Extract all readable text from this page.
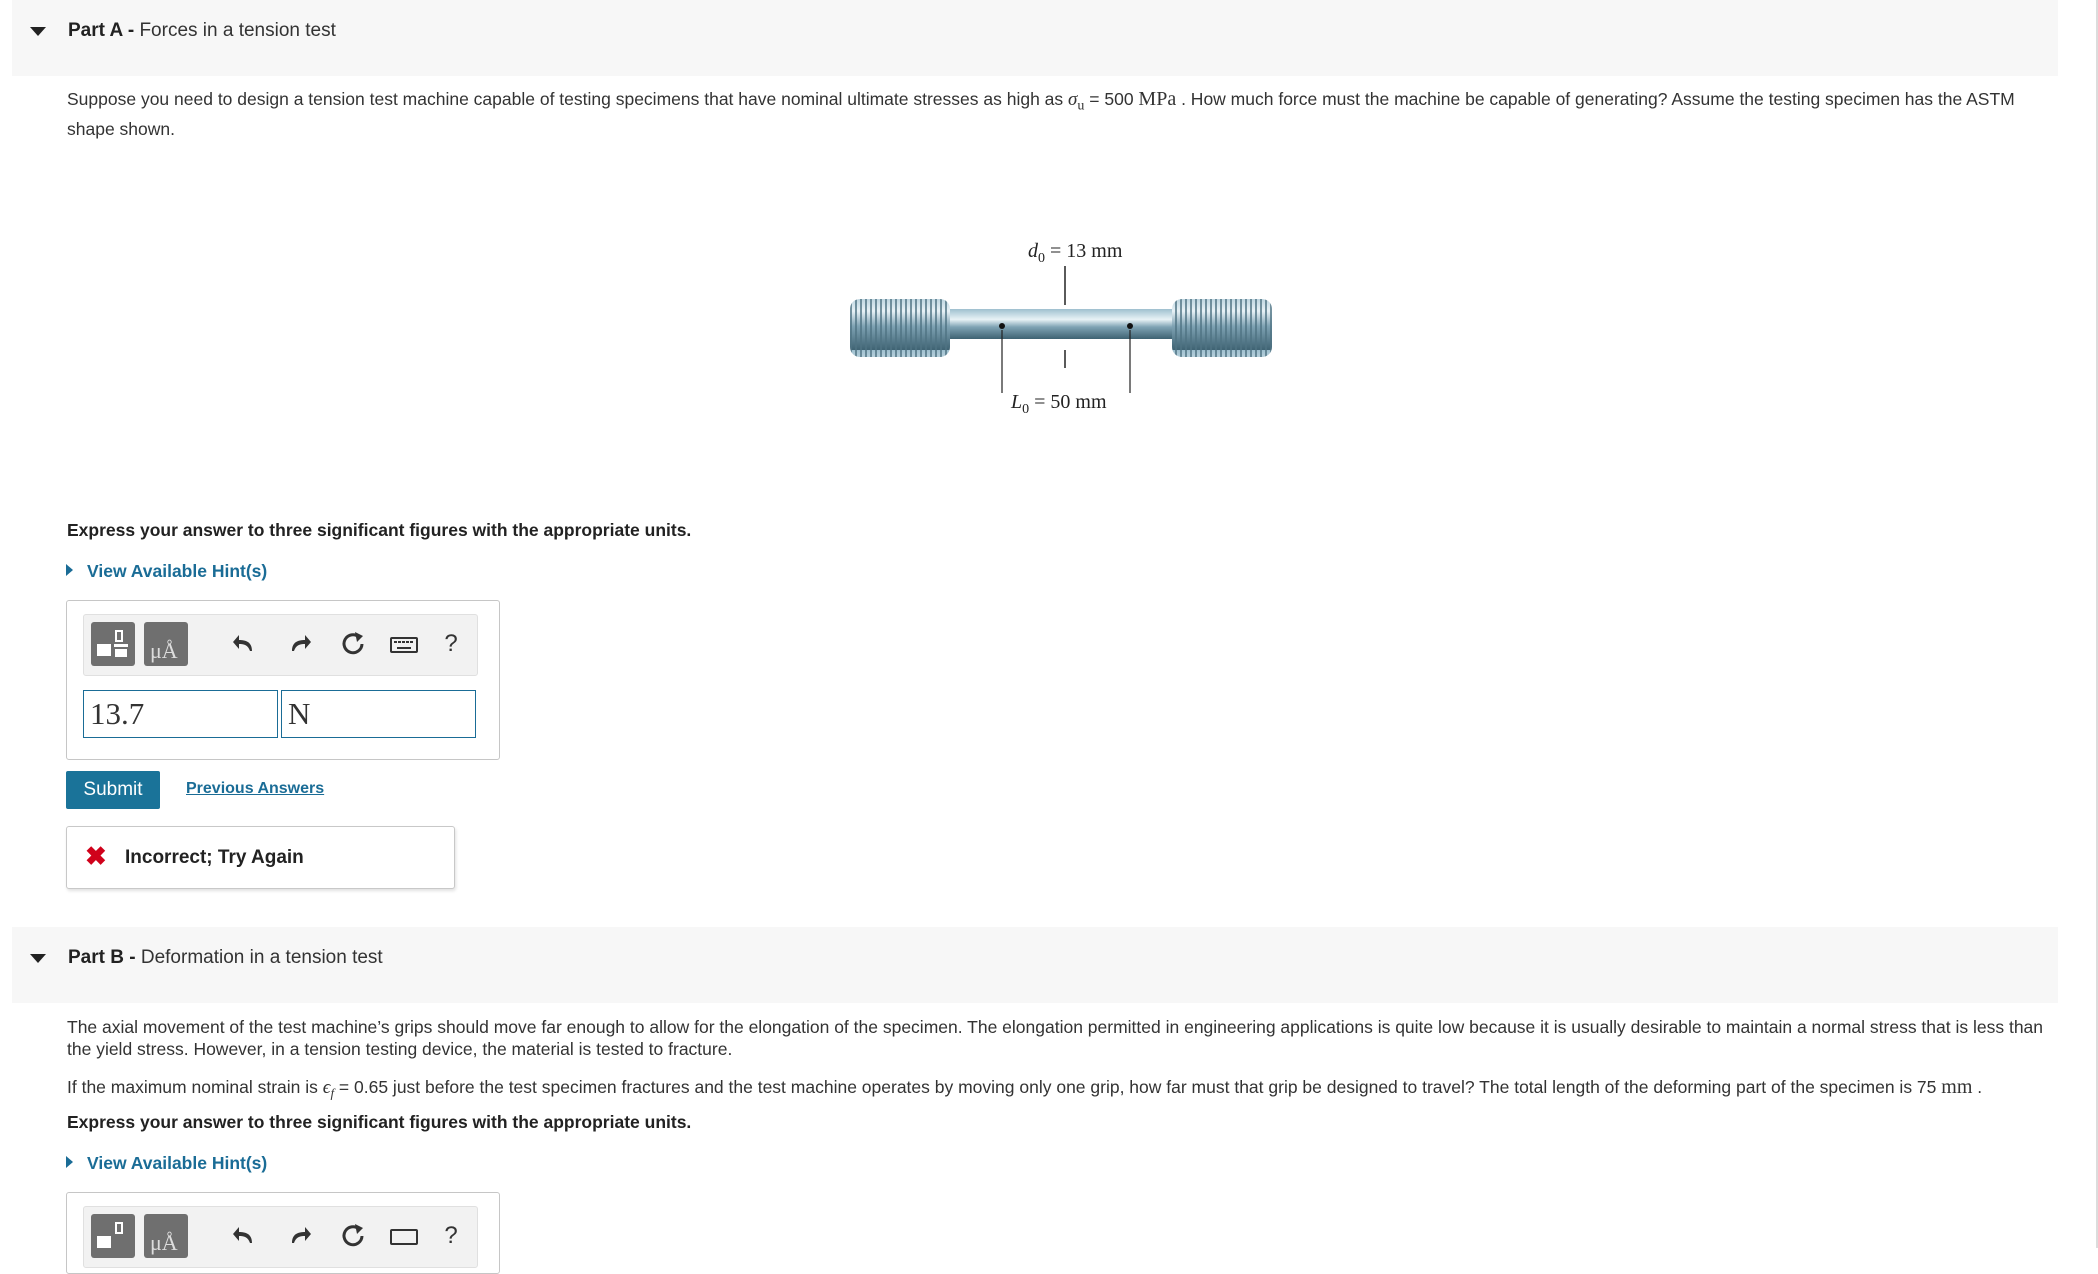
Part A - Forces in a tension test
Suppose you need to design a tension test machine capable of testing specimens that have nominal ultimate stresses as high as $\sigma_u = 500$ MPa . How much force must the machine be capable of generating? Assume the testing specimen has the ASTM shape shown.
$d_0 = 13$ mm
$L_0 = 50$ mm
Express your answer to three significant figures with the appropriate units.
View Available Hint(s)
μÅ	?
13.7	N
Submit	Previous Answers
✖ Incorrect; Try Again
Part B - Deformation in a tension test
The axial movement of the test machine’s grips should move far enough to allow for the elongation of the specimen. The elongation permitted in engineering applications is quite low because it is usually desirable to maintain a normal stress that is less than the yield stress. However, in a tension testing device, the material is tested to fracture.
If the maximum nominal strain is $\epsilon_f = 0.65$ just before the test specimen fractures and the test machine operates by moving only one grip, how far must that grip be designed to travel? The total length of the deforming part of the specimen is 75 mm .
Express your answer to three significant figures with the appropriate units.
View Available Hint(s)
μÅ	?
